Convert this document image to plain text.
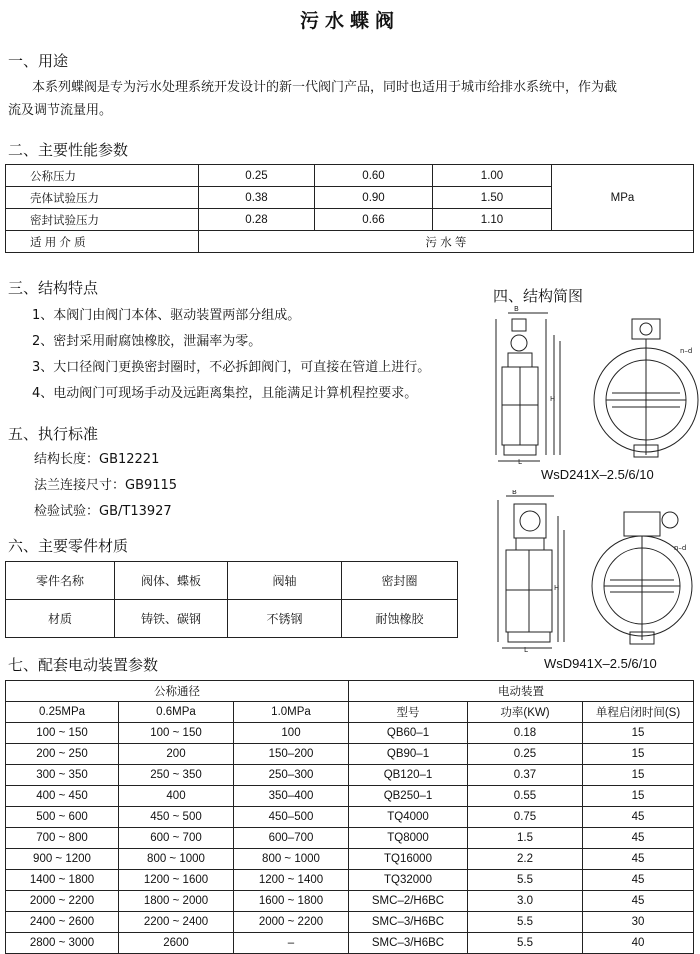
污水蝶阀
一、用途
本系列蝶阀是专为污水处理系统开发设计的新一代阀门产品，同时也适用于城市给排水系统中，作为截
流及调节流量用。
二、主要性能参数
公称压力	0.25	0.60	1.00	MPa
壳体试验压力	0.38	0.90	1.50	
密封试验压力	0.28	0.66	1.10	
适 用 介 质	污 水 等			
三、结构特点
1、本阀门由阀门本体、驱动装置两部分组成。
2、密封采用耐腐蚀橡胶，泄漏率为零。
3、大口径阀门更换密封圈时，不必拆卸阀门，可直接在管道上进行。
4、电动阀门可现场手动及远距离集控，且能满足计算机程控要求。
四、结构简图
B
H
L
n–d
WsD241X–2.5/6/10
B
H
L
n–d
WsD941X–2.5/6/10
五、执行标准
结构长度：GB12221
法兰连接尺寸：GB9115
检验试验：GB/T13927
六、主要零件材质
零件名称	阀体、蝶板	阀轴	密封圈
材质	铸铁、碳钢	不锈钢	耐蚀橡胶
七、配套电动装置参数
公称通径			电动装置		
0.25MPa	0.6MPa	1.0MPa	型号	功率(KW)	单程启闭时间(S)
100 ~ 150	100 ~ 150	100	QB60–1	0.18	15
200 ~ 250	200	150–200	QB90–1	0.25	15
300 ~ 350	250 ~ 350	250–300	QB120–1	0.37	15
400 ~ 450	400	350–400	QB250–1	0.55	15
500 ~ 600	450 ~ 500	450–500	TQ4000	0.75	45
700 ~ 800	600 ~ 700	600–700	TQ8000	1.5	45
900 ~ 1200	800 ~ 1000	800 ~ 1000	TQ16000	2.2	45
1400 ~ 1800	1200 ~ 1600	1200 ~ 1400	TQ32000	5.5	45
2000 ~ 2200	1800 ~ 2000	1600 ~ 1800	SMC–2/H6BC	3.0	45
2400 ~ 2600	2200 ~ 2400	2000 ~ 2200	SMC–3/H6BC	5.5	30
2800 ~ 3000	2600	–	SMC–3/H6BC	5.5	40
